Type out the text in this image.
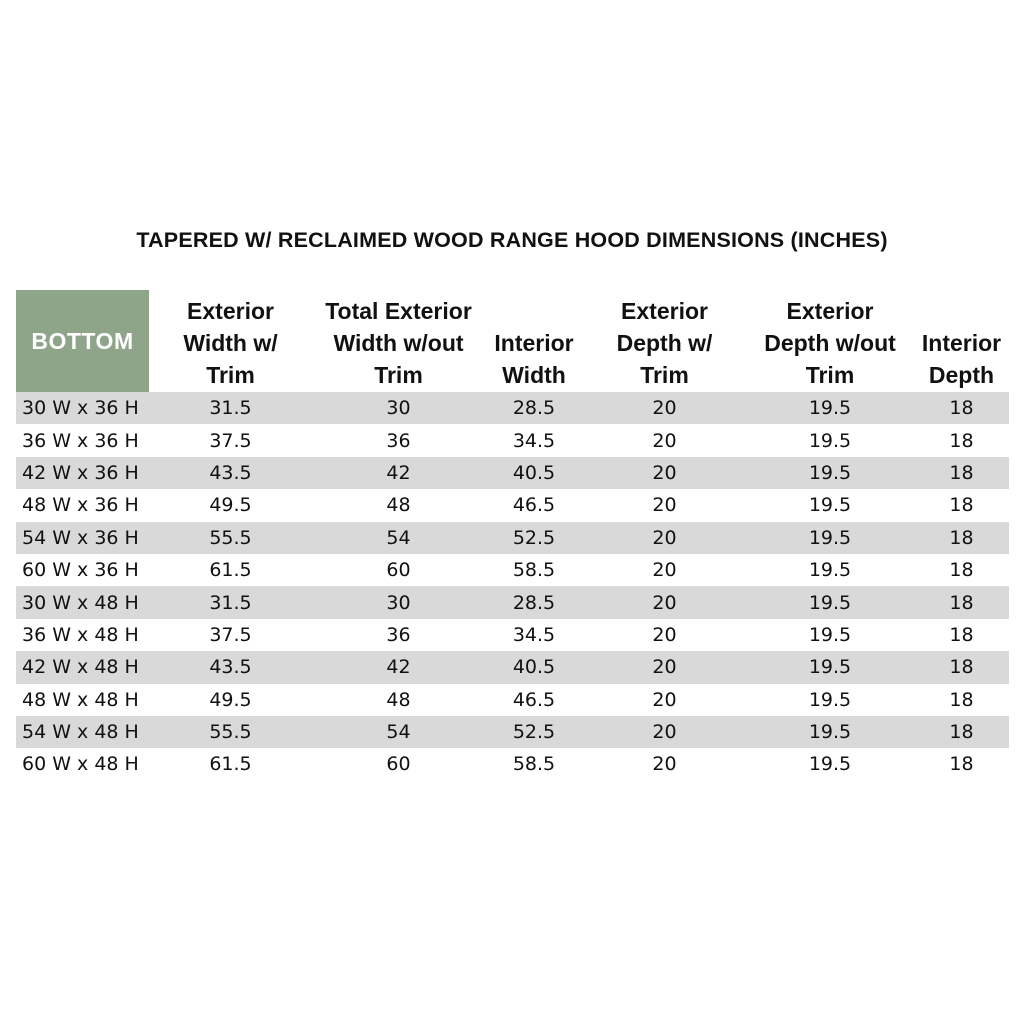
TAPERED W/ RECLAIMED WOOD RANGE HOOD DIMENSIONS (INCHES)
BOTTOM	Exterior
Width w/
Trim	Total Exterior
Width w/out
Trim	Interior
Width	Exterior
Depth w/
Trim	Exterior
Depth w/out
Trim	Interior
Depth
30 W x 36 H	31.5	30	28.5	20	19.5	18
36 W x 36 H	37.5	36	34.5	20	19.5	18
42 W x 36 H	43.5	42	40.5	20	19.5	18
48 W x 36 H	49.5	48	46.5	20	19.5	18
54 W x 36 H	55.5	54	52.5	20	19.5	18
60 W x 36 H	61.5	60	58.5	20	19.5	18
30 W x 48 H	31.5	30	28.5	20	19.5	18
36 W x 48 H	37.5	36	34.5	20	19.5	18
42 W x 48 H	43.5	42	40.5	20	19.5	18
48 W x 48 H	49.5	48	46.5	20	19.5	18
54 W x 48 H	55.5	54	52.5	20	19.5	18
60 W x 48 H	61.5	60	58.5	20	19.5	18
